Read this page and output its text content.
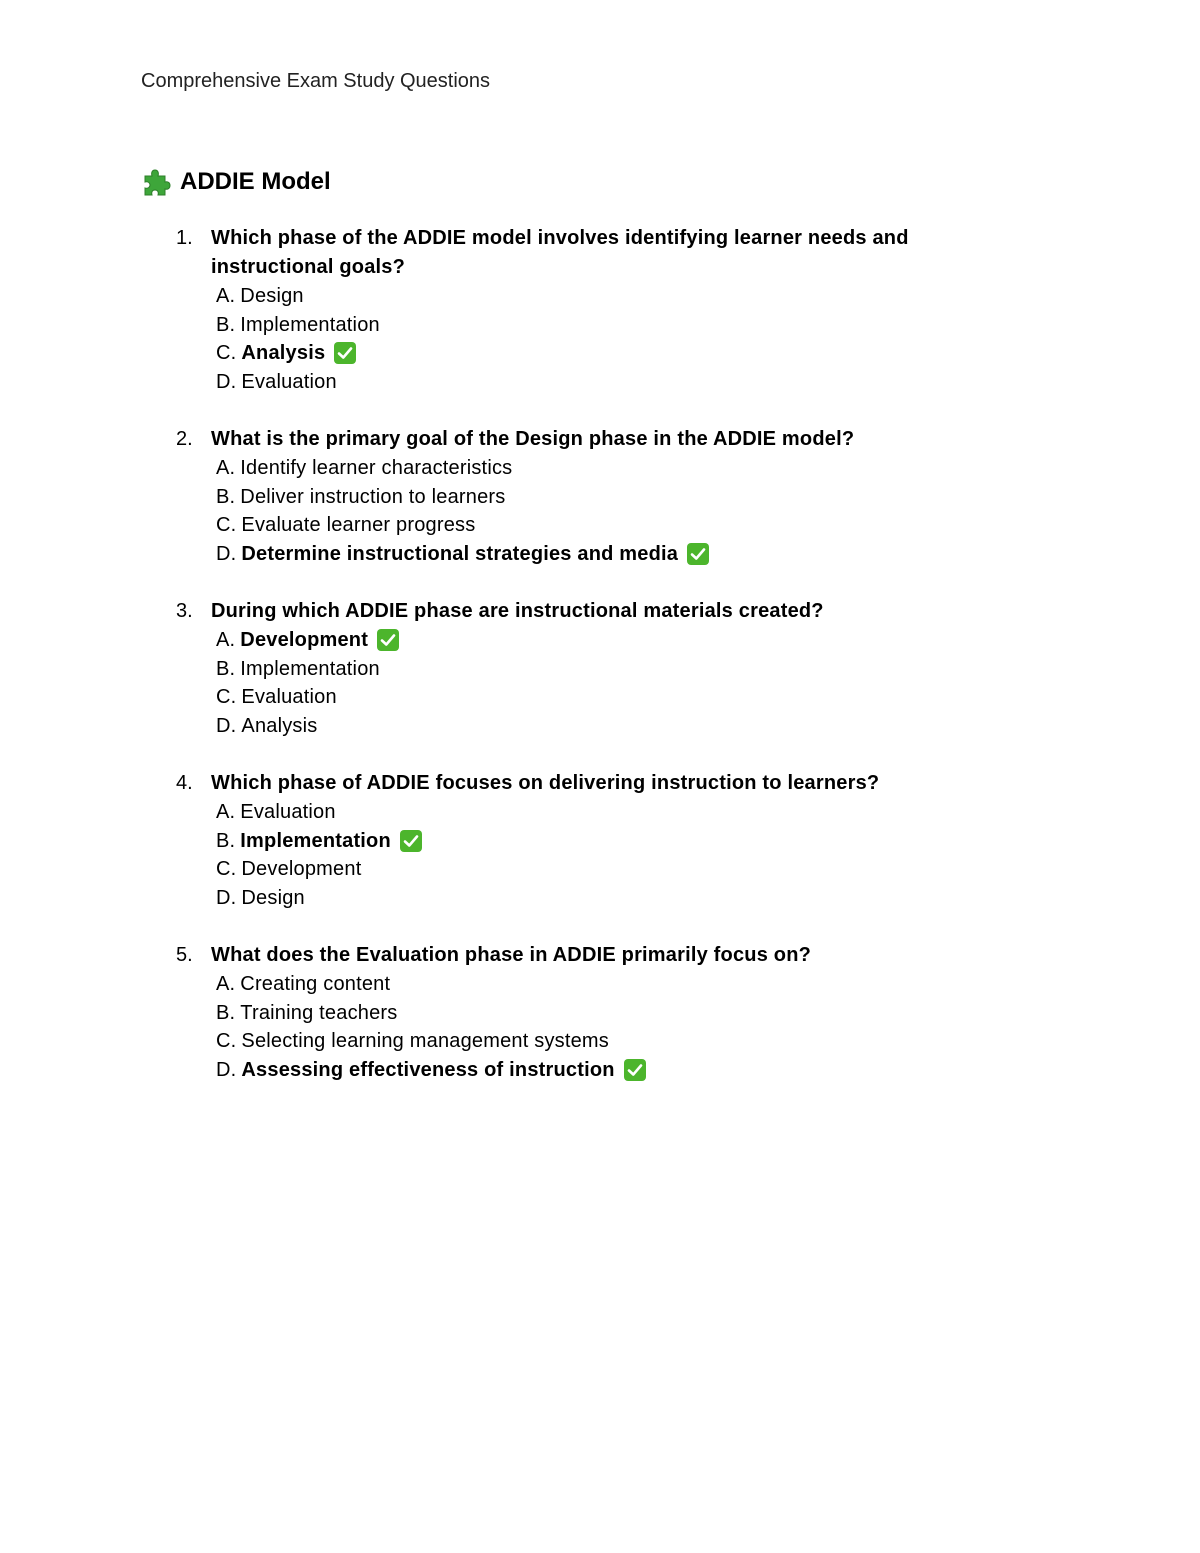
Comprehensive Exam Study Questions
ADDIE Model
1. Which phase of the ADDIE model involves identifying learner needs and instructional goals?
A. Design
B. Implementation
C. Analysis
D. Evaluation
2. What is the primary goal of the Design phase in the ADDIE model?
A. Identify learner characteristics
B. Deliver instruction to learners
C. Evaluate learner progress
D. Determine instructional strategies and media
3. During which ADDIE phase are instructional materials created?
A. Development
B. Implementation
C. Evaluation
D. Analysis
4. Which phase of ADDIE focuses on delivering instruction to learners?
A. Evaluation
B. Implementation
C. Development
D. Design
5. What does the Evaluation phase in ADDIE primarily focus on?
A. Creating content
B. Training teachers
C. Selecting learning management systems
D. Assessing effectiveness of instruction
